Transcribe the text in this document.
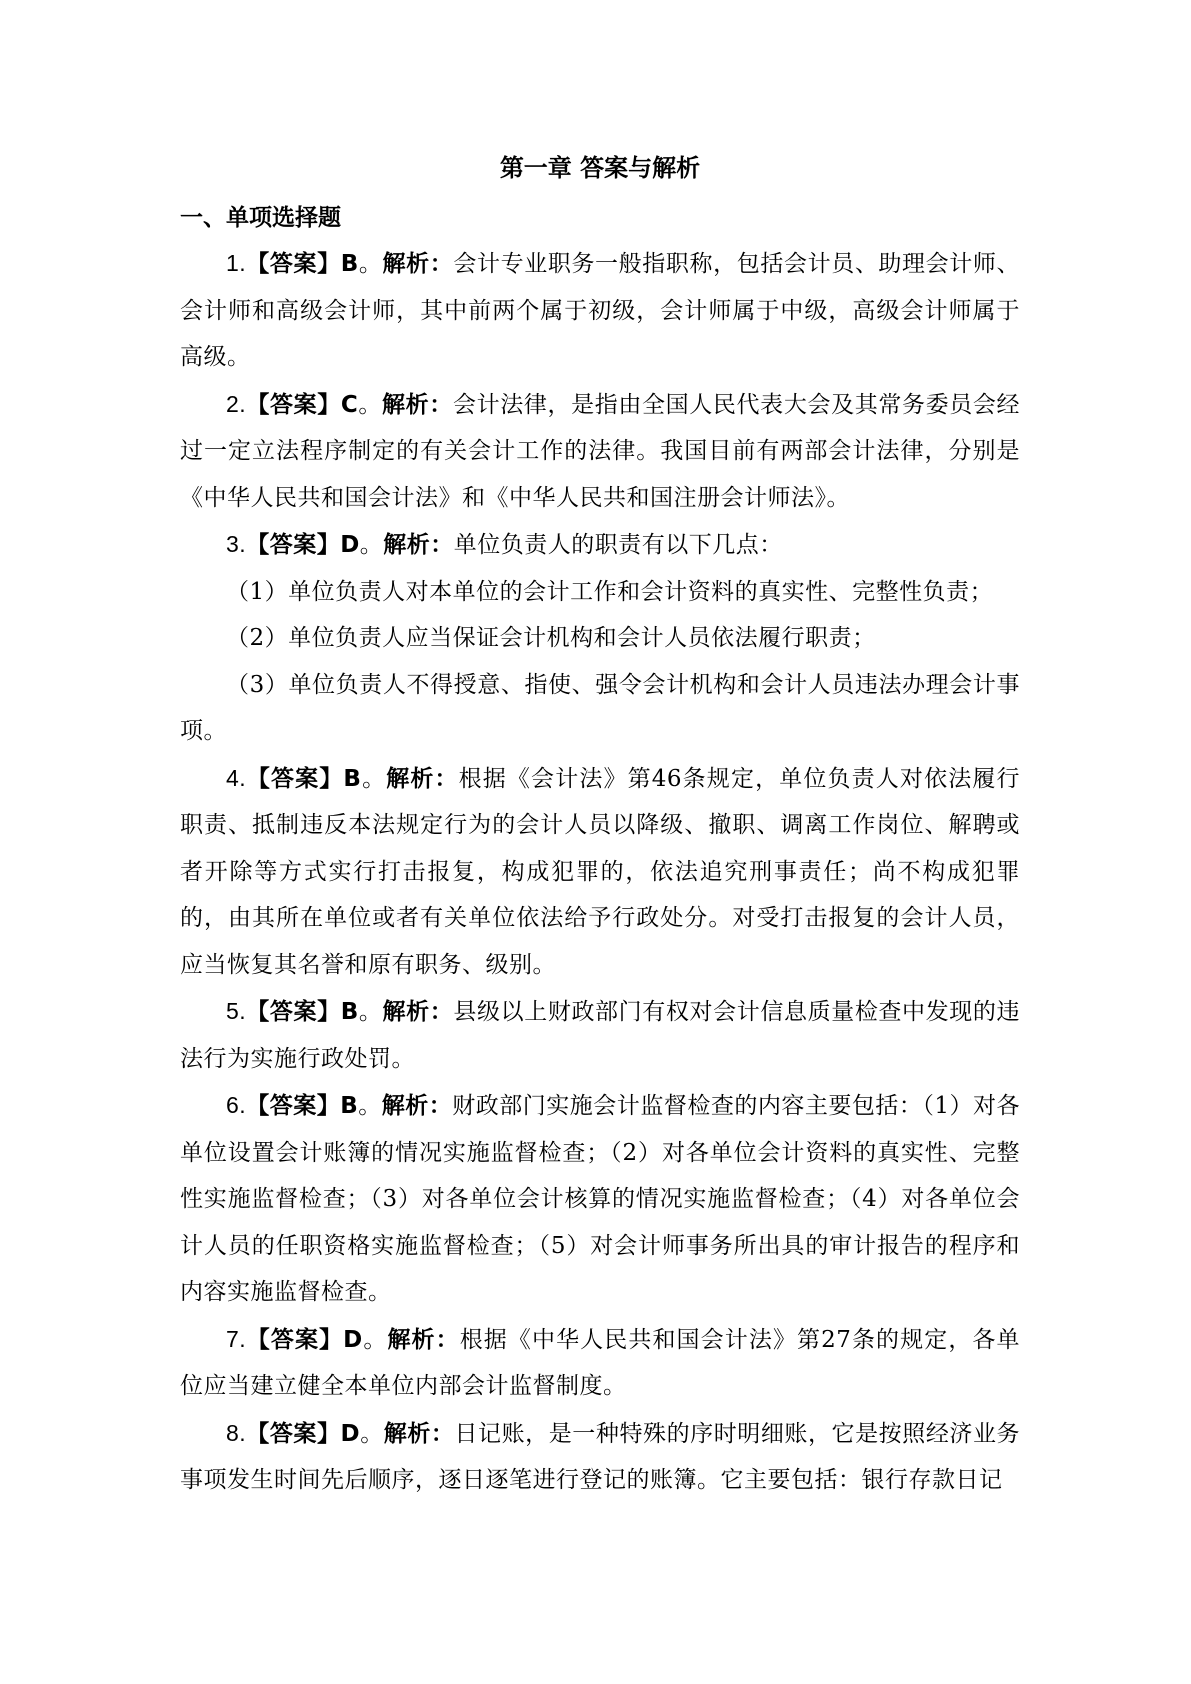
第一章 答案与解析
一、单项选择题

1.【答案】B。解析：会计专业职务一般指职称，包括会计员、助理会计师、会计师和高级会计师，其中前两个属于初级，会计师属于中级，高级会计师属于高级。

2.【答案】C。解析：会计法律，是指由全国人民代表大会及其常务委员会经过一定立法程序制定的有关会计工作的法律。我国目前有两部会计法律，分别是《中华人民共和国会计法》和《中华人民共和国注册会计师法》。

3.【答案】D。解析：单位负责人的职责有以下几点：

（1）单位负责人对本单位的会计工作和会计资料的真实性、完整性负责；

（2）单位负责人应当保证会计机构和会计人员依法履行职责；

（3）单位负责人不得授意、指使、强令会计机构和会计人员违法办理会计事项。

4.【答案】B。解析：根据《会计法》第46条规定，单位负责人对依法履行职责、抵制违反本法规定行为的会计人员以降级、撤职、调离工作岗位、解聘或者开除等方式实行打击报复，构成犯罪的，依法追究刑事责任；尚不构成犯罪的，由其所在单位或者有关单位依法给予行政处分。对受打击报复的会计人员，应当恢复其名誉和原有职务、级别。

5.【答案】B。解析：县级以上财政部门有权对会计信息质量检查中发现的违法行为实施行政处罚。

6.【答案】B。解析：财政部门实施会计监督检查的内容主要包括：（1）对各单位设置会计账簿的情况实施监督检查；（2）对各单位会计资料的真实性、完整性实施监督检查；（3）对各单位会计核算的情况实施监督检查；（4）对各单位会计人员的任职资格实施监督检查；（5）对会计师事务所出具的审计报告的程序和内容实施监督检查。

7.【答案】D。解析：根据《中华人民共和国会计法》第27条的规定，各单位应当建立健全本单位内部会计监督制度。

8.【答案】D。解析：日记账，是一种特殊的序时明细账，它是按照经济业务事项发生时间先后顺序，逐日逐笔进行登记的账簿。它主要包括：银行存款日记
